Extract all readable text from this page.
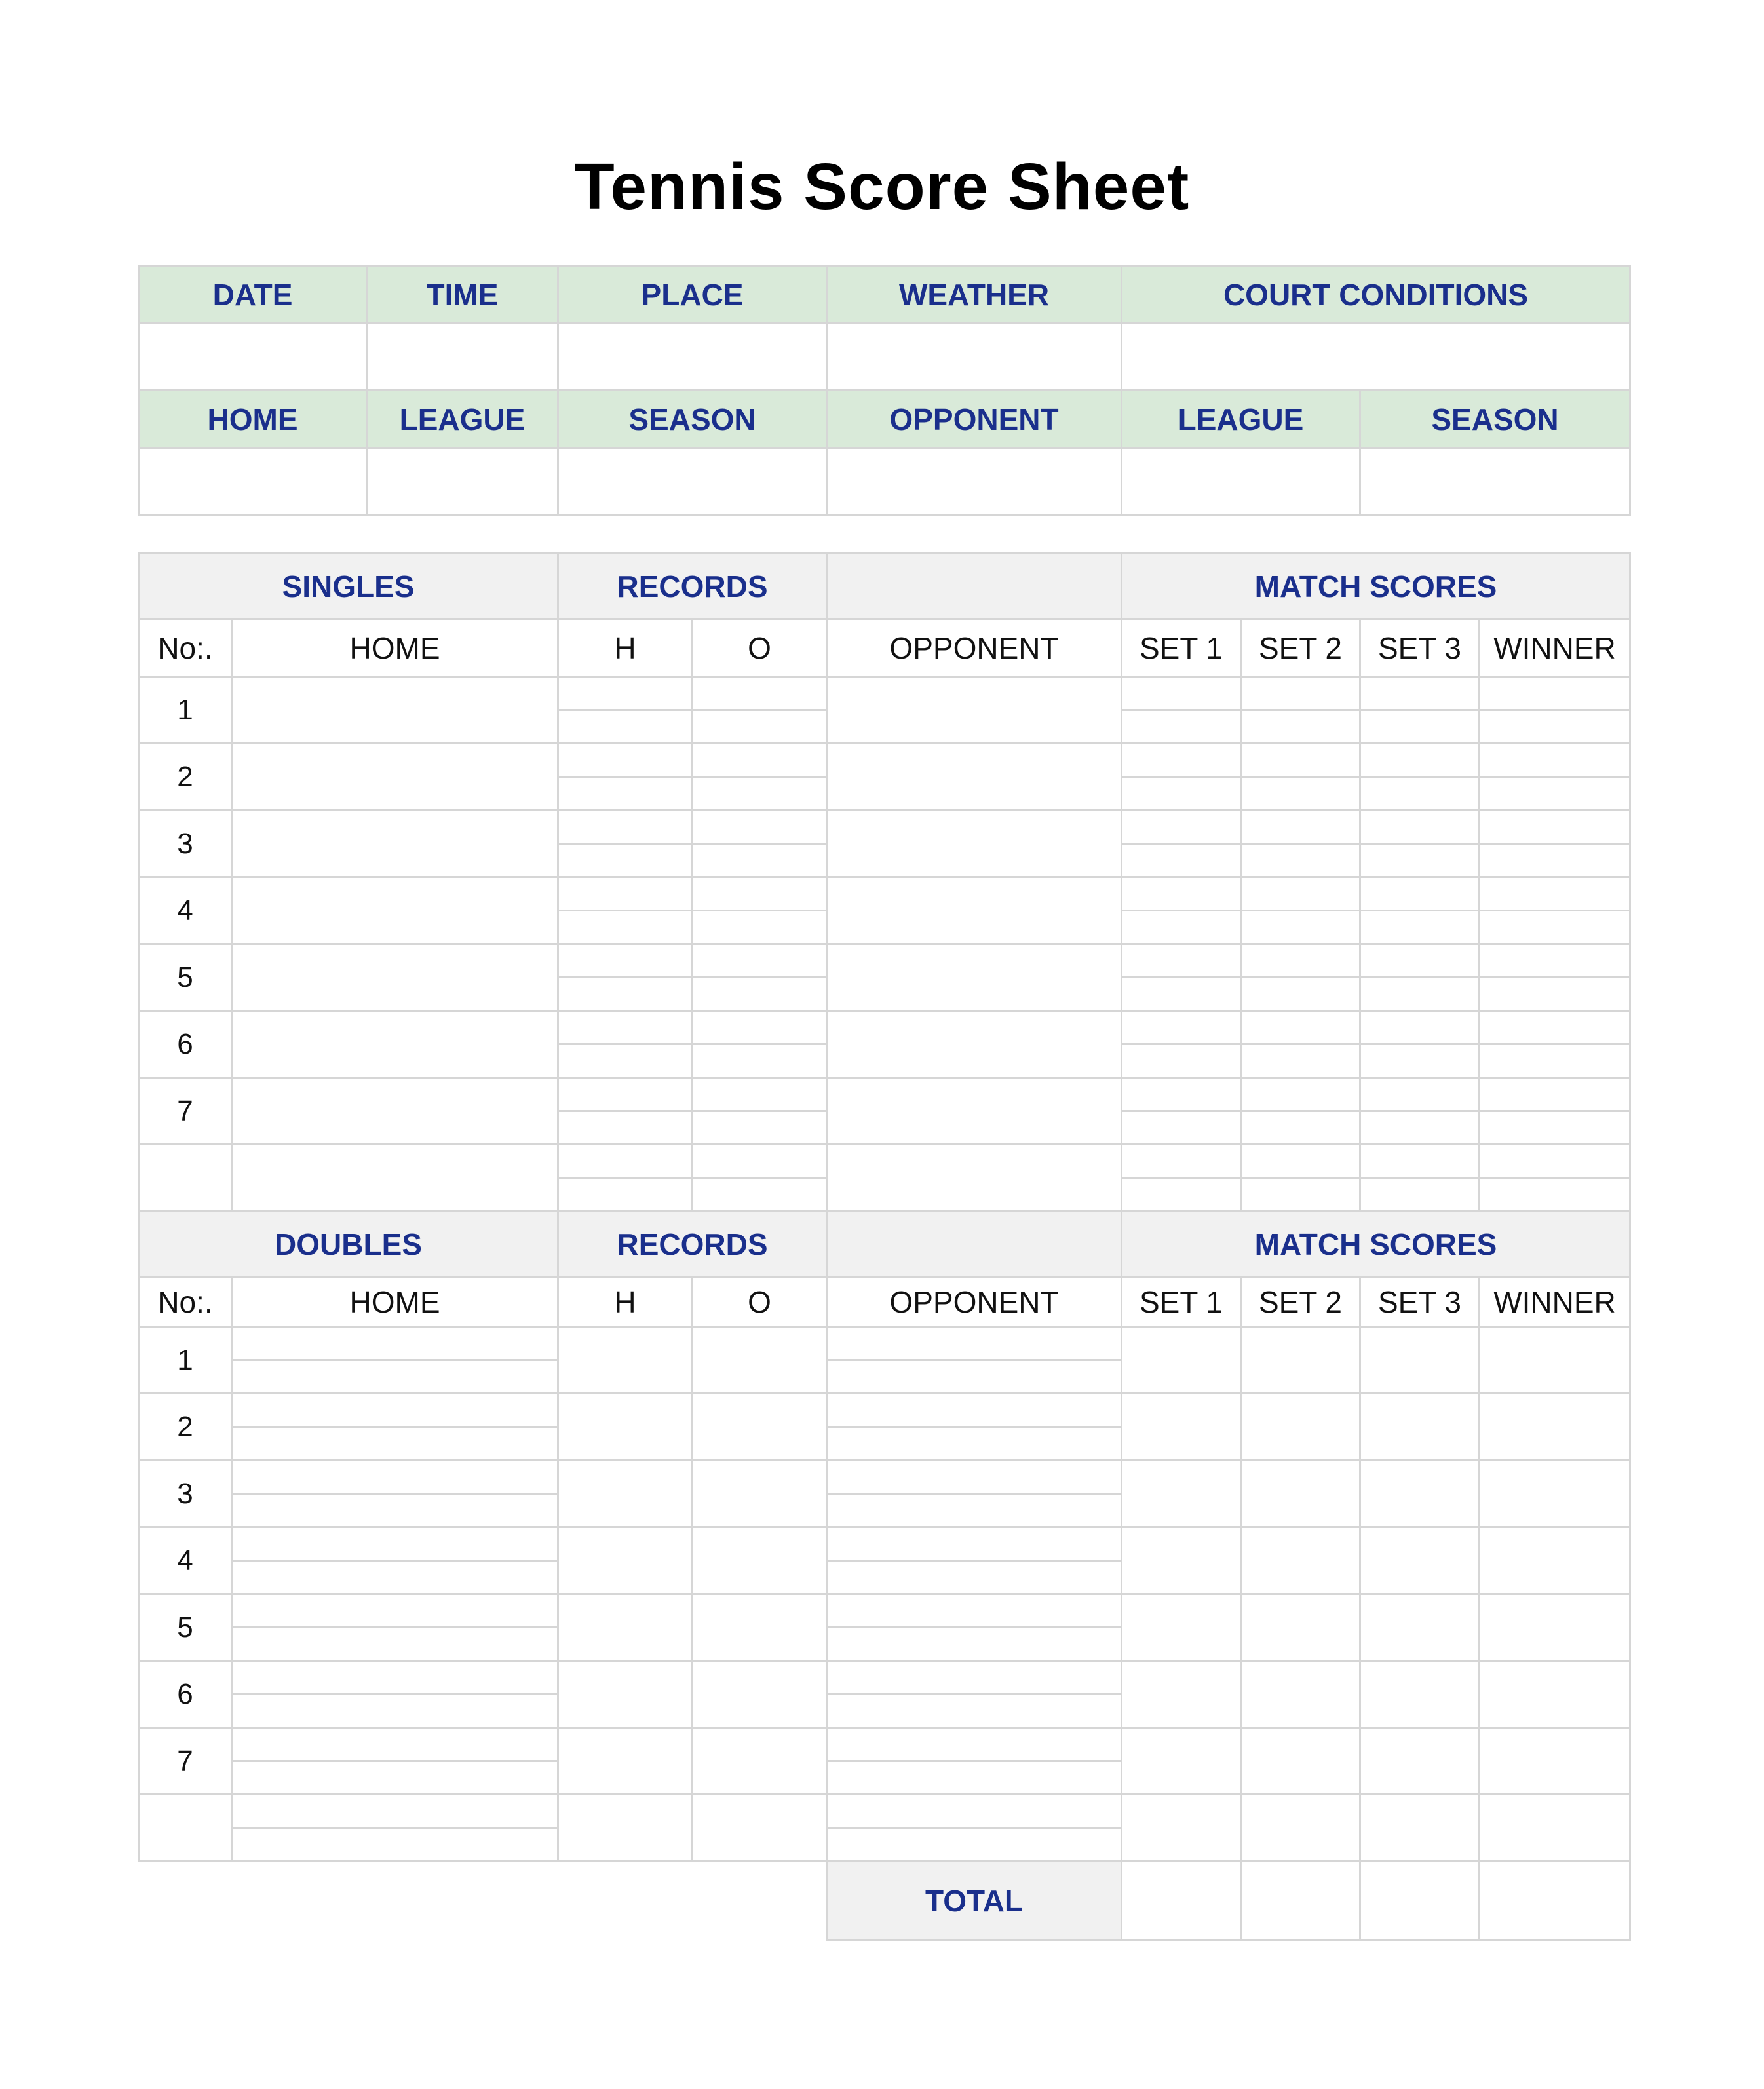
Tennis Score Sheet
DATE	TIME	PLACE	WEATHER	COURT CONDITIONS	

HOME	LEAGUE	SEASON	OPPONENT	LEAGUE	SEASON

SINGLES		RECORDS			MATCH SCORES			
No:.	HOME	H	O	OPPONENT	SET 1	SET 2	SET 3	WINNER
1								

2								

3								

4								

5								

6								

7								

DOUBLES		RECORDS			MATCH SCORES			
No:.	HOME	H	O	OPPONENT	SET 1	SET 2	SET 3	WINNER
1								

2								

3								

4								

5								

6								

7								

				TOTAL				
